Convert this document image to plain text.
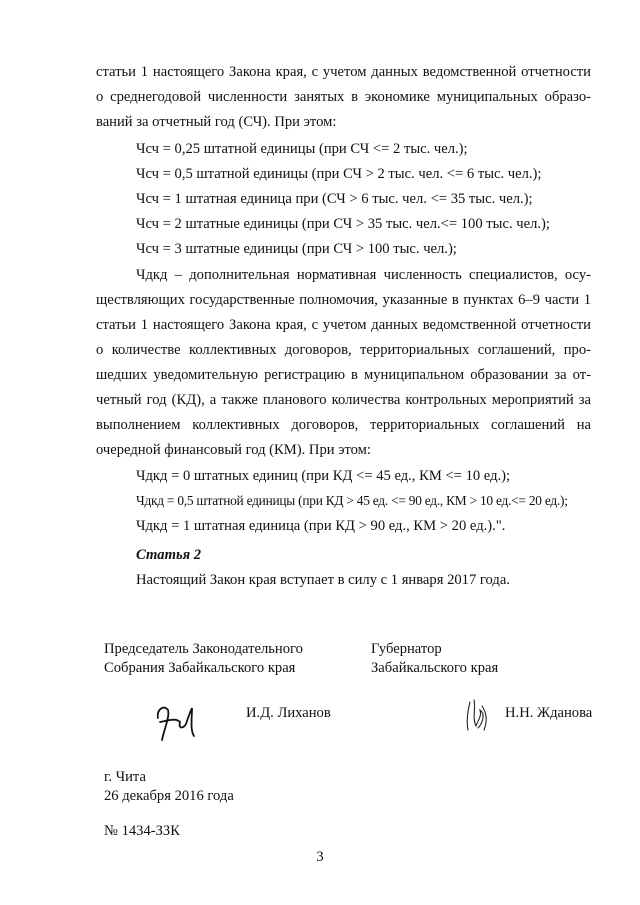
статьи 1 настоящего Закона края, с учетом данных ведомственной отчетности
о среднегодовой численности занятых в экономике муниципальных образо-
ваний за отчетный год (СЧ). При этом:
Чсч = 0,25 штатной единицы (при СЧ <= 2 тыс. чел.);
Чсч = 0,5 штатной единицы (при СЧ > 2 тыс. чел. <= 6 тыс. чел.);
Чсч = 1 штатная единица при (СЧ > 6 тыс. чел. <= 35 тыс. чел.);
Чсч = 2 штатные единицы (при СЧ > 35 тыс. чел.<= 100 тыс. чел.);
Чсч = 3 штатные единицы (при СЧ > 100 тыс. чел.);
Чдкд – дополнительная нормативная численность специалистов, осу-
ществляющих государственные полномочия, указанные в пунктах 6–9 части 1
статьи 1 настоящего Закона края, с учетом данных ведомственной отчетности
о количестве коллективных договоров, территориальных соглашений, про-
шедших уведомительную регистрацию в муниципальном образовании за от-
четный год (КД), а также планового количества контрольных мероприятий за
выполнением коллективных договоров, территориальных соглашений на
очередной финансовый год (КМ). При этом:
Чдкд = 0 штатных единиц (при КД <= 45 ед., КМ <= 10 ед.);
Чдкд = 0,5 штатной единицы (при КД > 45 ед. <= 90 ед., КМ > 10 ед.<= 20 ед.);
Чдкд = 1 штатная единица (при КД > 90 ед., КМ > 20 ед.).".
Статья 2
Настоящий Закон края вступает в силу с 1 января 2017 года.
Председатель Законодательного
Собрания Забайкальского края
Губернатор
Забайкальского края
И.Д. Лиханов	Н.Н. Жданова
г. Чита
26 декабря 2016 года
№ 1434-ЗЗК
3
